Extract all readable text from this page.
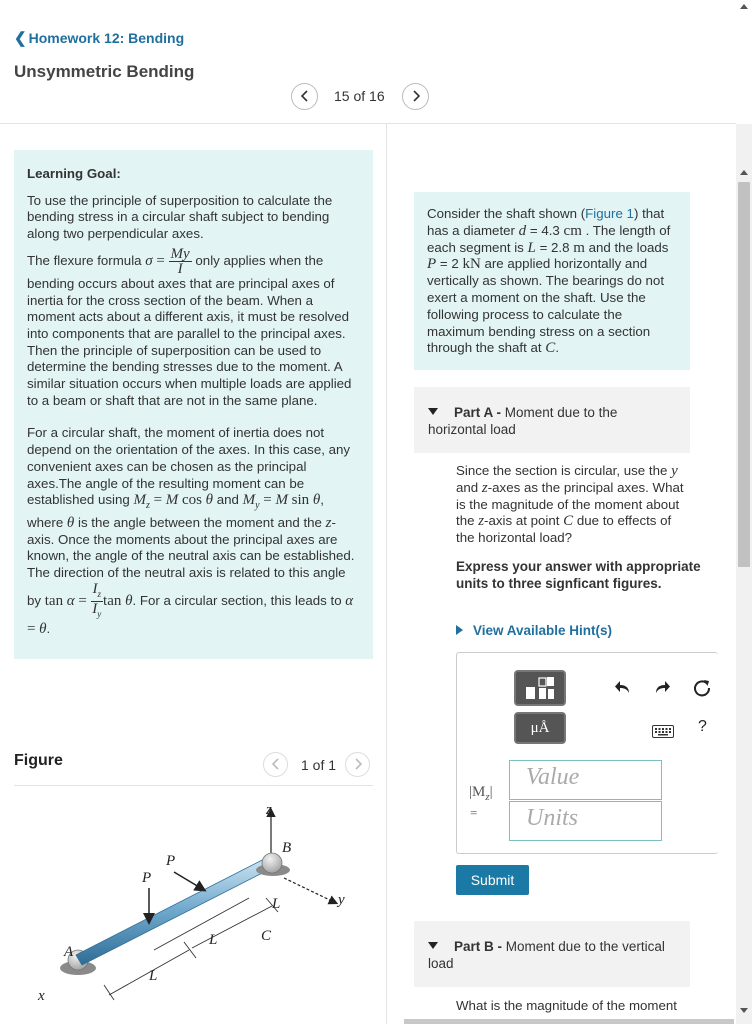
❮ Homework 12: Bending
Unsymmetric Bending
15 of 16
Learning Goal:
To use the principle of superposition to calculate the bending stress in a circular shaft subject to bending along two perpendicular axes.
The flexure formula $\sigma = \frac{My}{I}$ only applies when the bending occurs about axes that are principal axes of inertia for the cross section of the beam. When a moment acts about a different axis, it must be resolved into components that are parallel to the principal axes. Then the principle of superposition can be used to determine the bending stresses due to the moment. A similar situation occurs when multiple loads are applied to a beam or shaft that are not in the same plane.
For a circular shaft, the moment of inertia does not depend on the orientation of the axes. In this case, any convenient axes can be chosen as the principal axes.The angle of the resulting moment can be established using $M_z = M$ cos θ and $M_y = M$ sin θ, where θ is the angle between the moment and the z-axis. Once the moments about the principal axes are known, the angle of the neutral axis can be established. The direction of the neutral axis is related to this angle by $\tan \alpha = \frac{I_z}{I_y}$ tan θ. For a circular section, this leads to α = θ.
Figure	1 of 1
z
y
x
B
C
A
P
P
L
L
L
Consider the shaft shown (Figure 1) that has a diameter d = 4.3 cm . The length of each segment is L = 2.8 m and the loads P = 2 kN are applied horizontally and vertically as shown. The bearings do not exert a moment on the shaft. Use the following process to calculate the maximum bending stress on a section through the shaft at C.
Part A - Moment due to the horizontal load
Since the section is circular, use the y and z-axes as the principal axes. What is the magnitude of the moment about the z-axis at point C due to effects of the horizontal load?
Express your answer with appropriate units to three signficant figures.
View Available Hint(s)
μÅ	?
$|M_z|$
=
Value
Units
Submit
Part B - Moment due to the vertical load
What is the magnitude of the moment
